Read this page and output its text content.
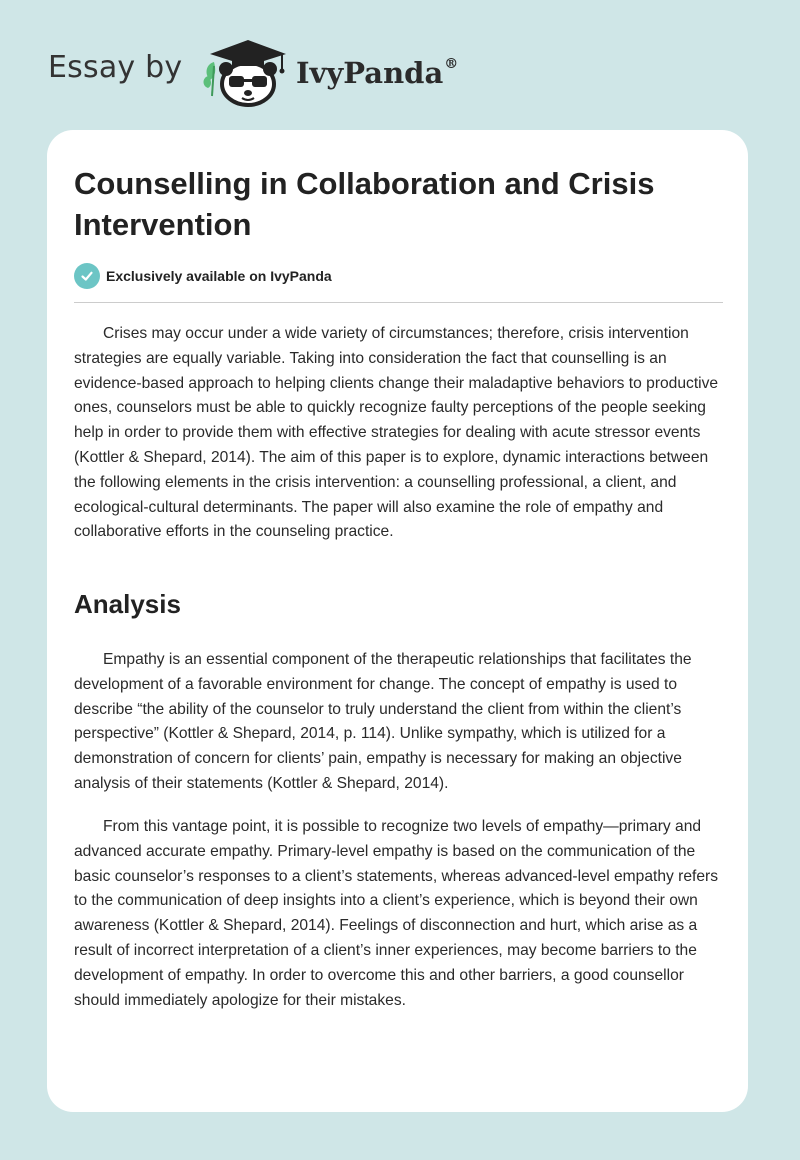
Essay by	IvyPanda®
Counselling in Collaboration and Crisis Intervention
Exclusively available on IvyPanda

Crises may occur under a wide variety of circumstances; therefore, crisis intervention strategies are equally variable. Taking into consideration the fact that counselling is an evidence-based approach to helping clients change their maladaptive behaviors to productive ones, counselors must be able to quickly recognize faulty perceptions of the people seeking help in order to provide them with effective strategies for dealing with acute stressor events (Kottler & Shepard, 2014). The aim of this paper is to explore, dynamic interactions between the following elements in the crisis intervention: a counselling professional, a client, and ecological-cultural determinants. The paper will also examine the role of empathy and collaborative efforts in the counseling practice.

Analysis

Empathy is an essential component of the therapeutic relationships that facilitates the development of a favorable environment for change. The concept of empathy is used to describe “the ability of the counselor to truly understand the client from within the client’s perspective” (Kottler & Shepard, 2014, p. 114). Unlike sympathy, which is utilized for a demonstration of concern for clients’ pain, empathy is necessary for making an objective analysis of their statements (Kottler & Shepard, 2014).

From this vantage point, it is possible to recognize two levels of empathy—primary and advanced accurate empathy. Primary-level empathy is based on the communication of the basic counselor’s responses to a client’s statements, whereas advanced-level empathy refers to the communication of deep insights into a client’s experience, which is beyond their own awareness (Kottler & Shepard, 2014). Feelings of disconnection and hurt, which arise as a result of incorrect interpretation of a client’s inner experiences, may become barriers to the development of empathy. In order to overcome this and other barriers, a good counsellor should immediately apologize for their mistakes.
